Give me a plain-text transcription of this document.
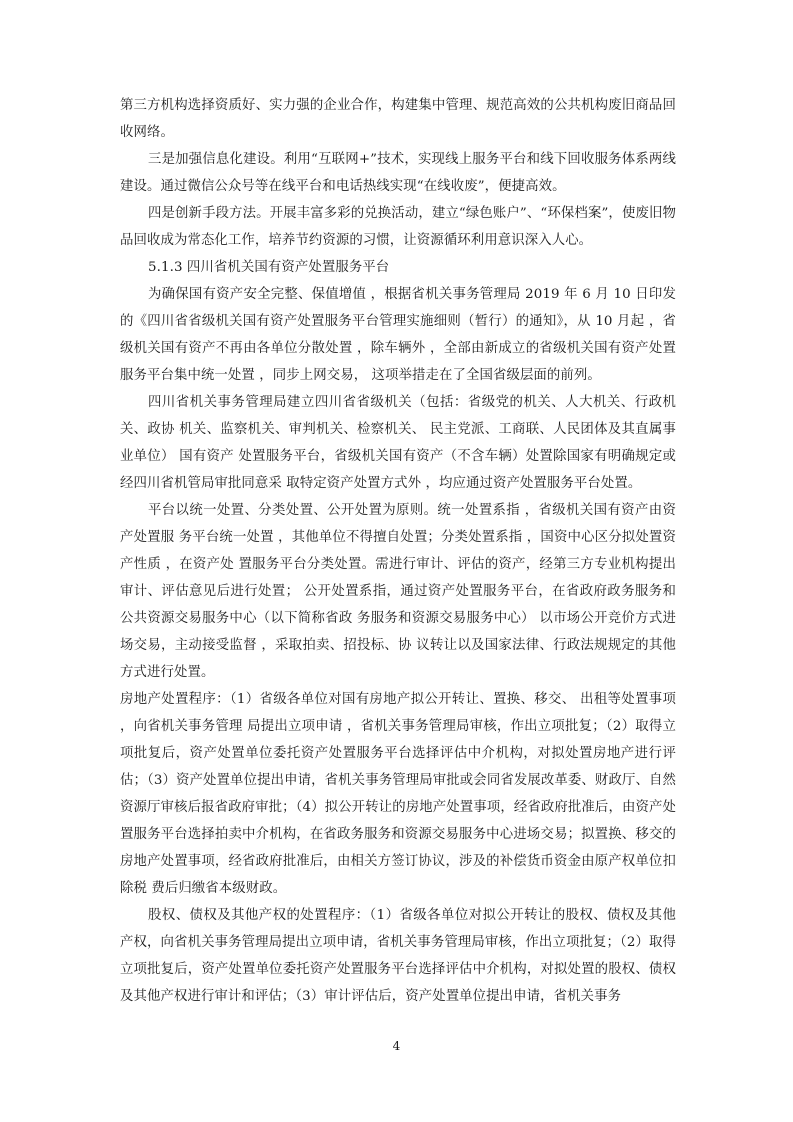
第三方机构选择资质好、实力强的企业合作，构建集中管理、规范高效的公共机构废旧商品回收网络。

三是加强信息化建设。利用“互联网+”技术，实现线上服务平台和线下回收服务体系两线建设。通过微信公众号等在线平台和电话热线实现“在线收废”，便捷高效。

四是创新手段方法。开展丰富多彩的兑换活动，建立“绿色账户”、“环保档案”，使废旧物品回收成为常态化工作，培养节约资源的习惯，让资源循环利用意识深入人心。

5.1.3 四川省机关国有资产处置服务平台

为确保国有资产安全完整、保值增值 ，根据省机关事务管理局 2019 年 6 月 10 日印发的《四川省省级机关国有资产处置服务平台管理实施细则（暂行）的通知》，从 10 月起 ，省级机关国有资产不再由各单位分散处置 ，除车辆外 ，全部由新成立的省级机关国有资产处置服务平台集中统一处置 ，同步上网交易， 这项举措走在了全国省级层面的前列。

四川省机关事务管理局建立四川省省级机关（包括：省级党的机关、人大机关、行政机关、政协 机关、监察机关、审判机关、检察机关、 民主党派、工商联、人民团体及其直属事业单位） 国有资产 处置服务平台，省级机关国有资产（不含车辆）处置除国家有明确规定或经四川省机管局审批同意采 取特定资产处置方式外 ，均应通过资产处置服务平台处置。

平台以统一处置、分类处置、公开处置为原则。统一处置系指 ，省级机关国有资产由资产处置服 务平台统一处置 ，其他单位不得擅自处置；分类处置系指 ，国资中心区分拟处置资产性质 ，在资产处 置服务平台分类处置。需进行审计、评估的资产，经第三方专业机构提出审计、评估意见后进行处置； 公开处置系指，通过资产处置服务平台，在省政府政务服务和公共资源交易服务中心（以下简称省政 务服务和资源交易服务中心） 以市场公开竞价方式进场交易，主动接受监督 ，采取拍卖、招投标、协 议转让以及国家法律、行政法规规定的其他方式进行处置。

房地产处置程序：（1）省级各单位对国有房地产拟公开转让、置换、移交、 出租等处置事项 ，向省机关事务管理 局提出立项申请 ，省机关事务管理局审核，作出立项批复；（2）取得立项批复后，资产处置单位委托资产处置服务平台选择评估中介机构，对拟处置房地产进行评估；（3）资产处置单位提出申请，省机关事务管理局审批或会同省发展改革委、财政厅、自然资源厅审核后报省政府审批；（4）拟公开转让的房地产处置事项，经省政府批准后，由资产处置服务平台选择拍卖中介机构，在省政务服务和资源交易服务中心进场交易；拟置换、移交的房地产处置事项，经省政府批准后，由相关方签订协议，涉及的补偿货币资金由原产权单位扣除税 费后归缴省本级财政。

股权、债权及其他产权的处置程序：（1）省级各单位对拟公开转让的股权、债权及其他产权，向省机关事务管理局提出立项申请，省机关事务管理局审核，作出立项批复；（2）取得立项批复后，资产处置单位委托资产处置服务平台选择评估中介机构，对拟处置的股权、债权及其他产权进行审计和评估；（3）审计评估后，资产处置单位提出申请，省机关事务

4
